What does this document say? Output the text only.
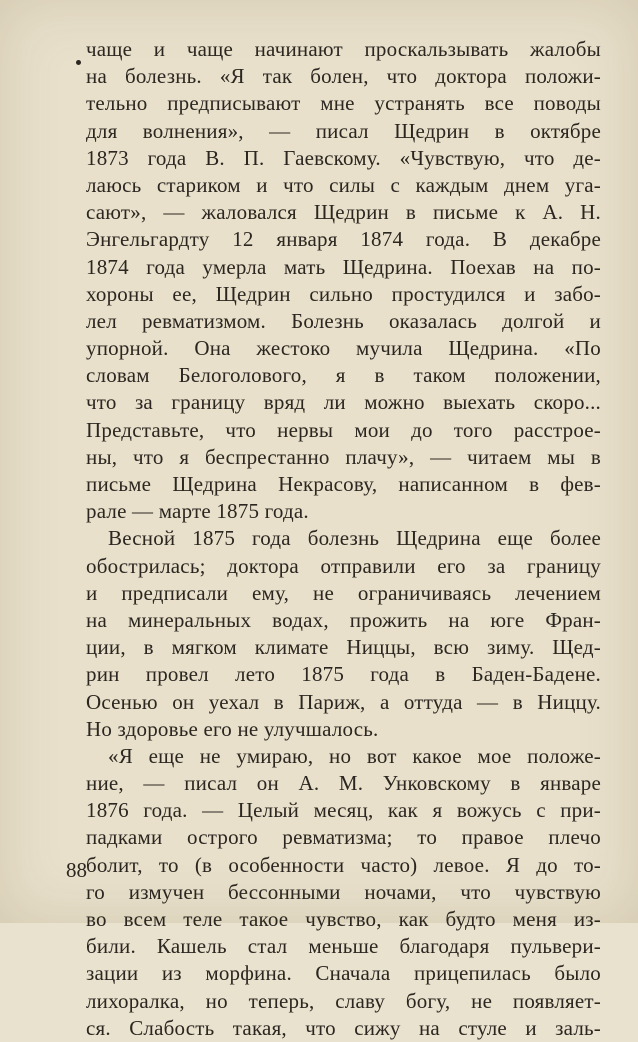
чаще и чаще начинают проскальзывать жалобы
на болезнь. «Я так болен, что доктора положи-
тельно предписывают мне устранять все поводы
для волнения», — писал Щедрин в октябре
1873 года В. П. Гаевскому. «Чувствую, что де-
лаюсь стариком и что силы с каждым днем уга-
сают», — жаловался Щедрин в письме к А. Н.
Энгельгардту 12 января 1874 года. В декабре
1874 года умерла мать Щедрина. Поехав на по-
хороны ее, Щедрин сильно простудился и забо-
лел ревматизмом. Болезнь оказалась долгой и
упорной. Она жестоко мучила Щедрина. «По
словам Белоголового, я в таком положении,
что за границу вряд ли можно выехать скоро...
Представьте, что нервы мои до того расстрое-
ны, что я беспрестанно плачу», — читаем мы в
письме Щедрина Некрасову, написанном в фев-
рале — марте 1875 года.
Весной 1875 года болезнь Щедрина еще более
обострилась; доктора отправили его за границу
и предписали ему, не ограничиваясь лечением
на минеральных водах, прожить на юге Фран-
ции, в мягком климате Ниццы, всю зиму. Щед-
рин провел лето 1875 года в Баден-Бадене.
Осенью он уехал в Париж, а оттуда — в Ниццу.
Но здоровье его не улучшалось.
«Я еще не умираю, но вот какое мое положе-
ние, — писал он А. М. Унковскому в январе
1876 года. — Целый месяц, как я вожусь с при-
падками острого ревматизма; то правое плечо
болит, то (в особенности часто) левое. Я до то-
го измучен бессонными ночами, что чувствую
во всем теле такое чувство, как будто меня из-
били. Кашель стал меньше благодаря пульвери-
зации из морфина. Сначала прицепилась было
лихоралка, но теперь, славу богу, не появляет-
ся. Слабость такая, что сижу на стуле и заль-
88
